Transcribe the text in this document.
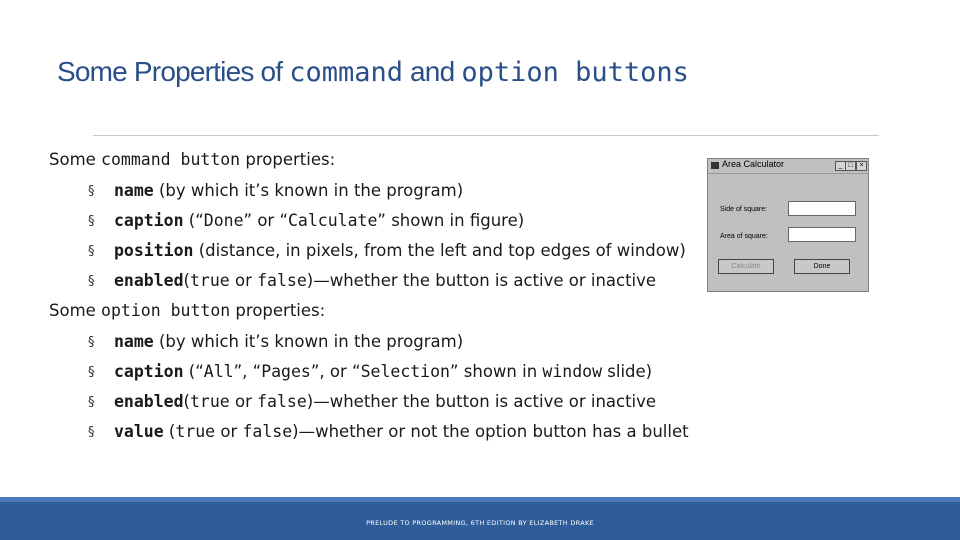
Some Properties of command and option buttons
Some command button properties:
§ name (by which it’s known in the program)
§ caption (“Done” or “Calculate” shown in figure)
§ position (distance, in pixels, from the left and top edges of window)
§ enabled(true or false)—whether the button is active or inactive
Some option button properties:
§ name (by which it’s known in the program)
§ caption (“All”, “Pages”, or “Selection” shown in window slide)
§ enabled(true or false)—whether the button is active or inactive
§ value (true or false)—whether or not the option button has a bullet
Area Calculator	_ □ ×
Side of square:
Area of square:
Calculate	Done
PRELUDE TO PROGRAMMING, 6TH EDITION BY ELIZABETH DRAKE
